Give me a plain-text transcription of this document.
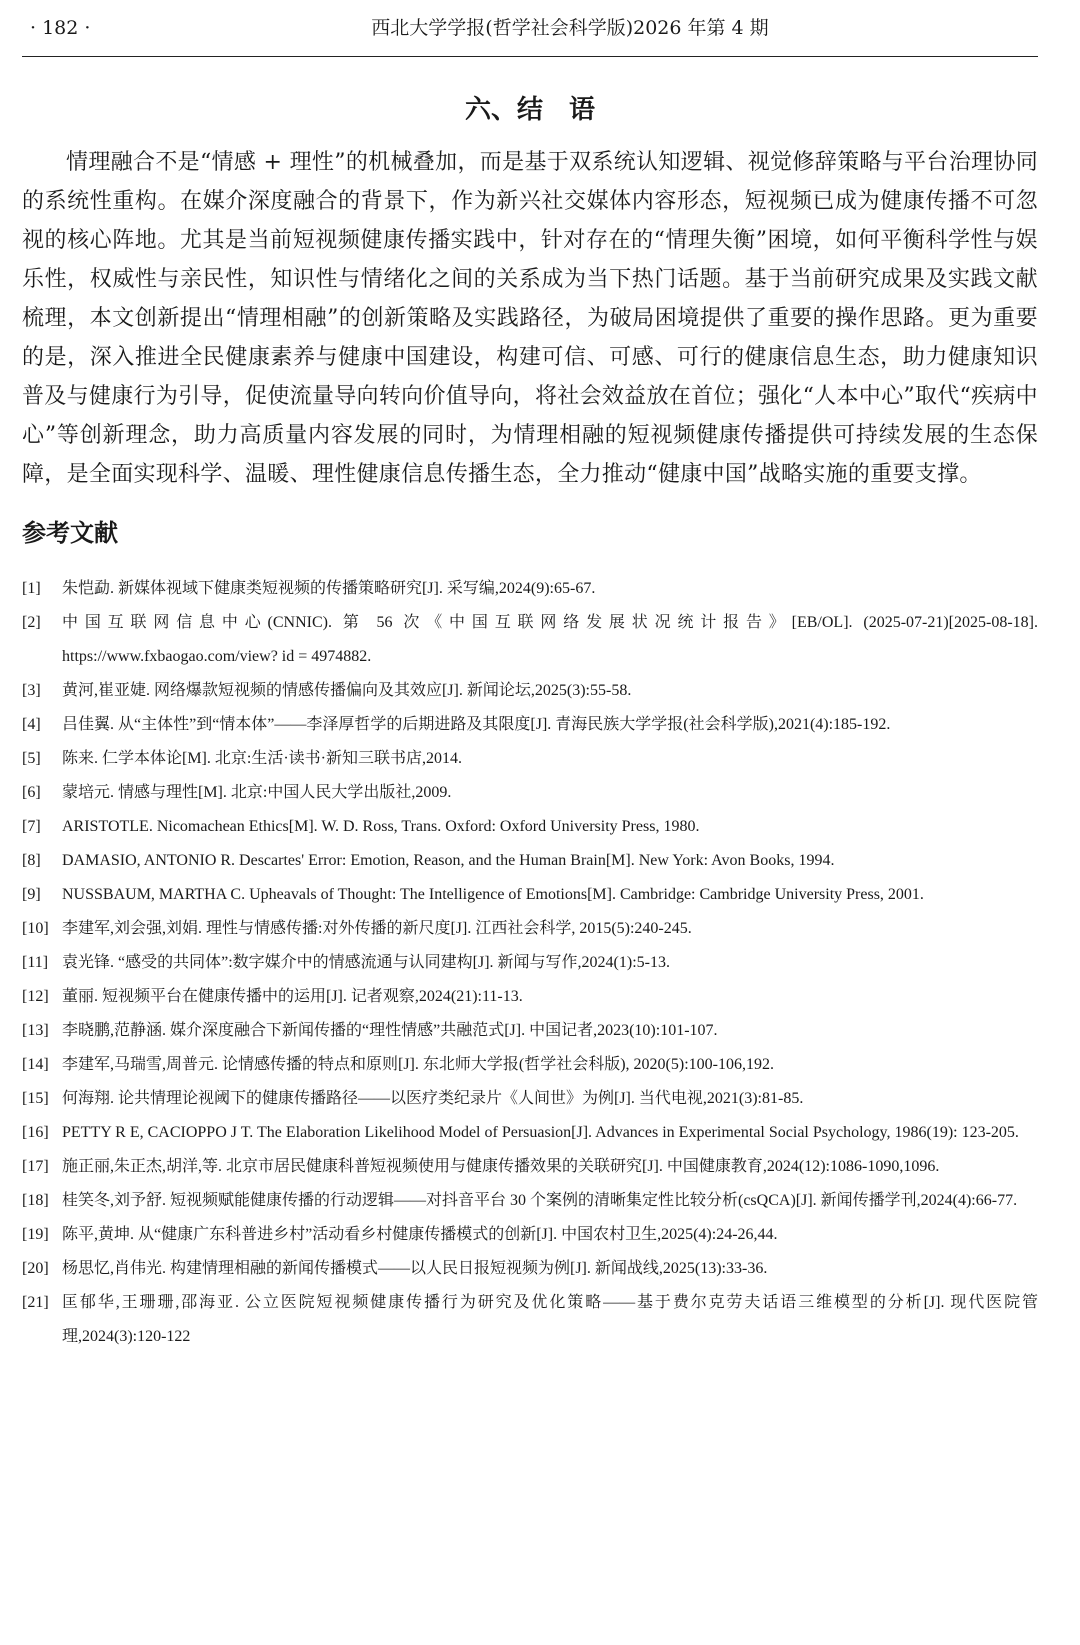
· 182 ·	西北大学学报(哲学社会科学版)2026 年第 4 期
六、结　语

情理融合不是“情感 + 理性”的机械叠加，而是基于双系统认知逻辑、视觉修辞策略与平台治理协同的系统性重构。在媒介深度融合的背景下，作为新兴社交媒体内容形态，短视频已成为健康传播不可忽视的核心阵地。尤其是当前短视频健康传播实践中，针对存在的“情理失衡”困境，如何平衡科学性与娱乐性，权威性与亲民性，知识性与情绪化之间的关系成为当下热门话题。基于当前研究成果及实践文献梳理，本文创新提出“情理相融”的创新策略及实践路径，为破局困境提供了重要的操作思路。更为重要的是，深入推进全民健康素养与健康中国建设，构建可信、可感、可行的健康信息生态，助力健康知识普及与健康行为引导，促使流量导向转向价值导向，将社会效益放在首位；强化“人本中心”取代“疾病中心”等创新理念，助力高质量内容发展的同时，为情理相融的短视频健康传播提供可持续发展的生态保障，是全面实现科学、温暖、理性健康信息传播生态，全力推动“健康中国”战略实施的重要支撑。

参考文献
[1]	朱恺勐. 新媒体视域下健康类短视频的传播策略研究[J]. 采写编,2024(9):65-67.
[2]	中国互联网信息中心(CNNIC). 第 56 次《中国互联网络发展状况统计报告》[EB/OL]. (2025-07-21)[2025-08-18]. https://www.fxbaogao.com/view? id = 4974882.
[3]	黄河,崔亚婕. 网络爆款短视频的情感传播偏向及其效应[J]. 新闻论坛,2025(3):55-58.
[4]	吕佳翼. 从“主体性”到“情本体”——李泽厚哲学的后期进路及其限度[J]. 青海民族大学学报(社会科学版),2021(4):185-192.
[5]	陈来. 仁学本体论[M]. 北京:生活·读书·新知三联书店,2014.
[6]	蒙培元. 情感与理性[M]. 北京:中国人民大学出版社,2009.
[7]	ARISTOTLE. Nicomachean Ethics[M]. W. D. Ross, Trans. Oxford: Oxford University Press, 1980.
[8]	DAMASIO, ANTONIO R. Descartes' Error: Emotion, Reason, and the Human Brain[M]. New York: Avon Books, 1994.
[9]	NUSSBAUM, MARTHA C. Upheavals of Thought: The Intelligence of Emotions[M]. Cambridge: Cambridge University Press, 2001.
[10] 李建军,刘会强,刘娟. 理性与情感传播:对外传播的新尺度[J]. 江西社会科学, 2015(5):240-245.
[11] 袁光锋. “感受的共同体”:数字媒介中的情感流通与认同建构[J]. 新闻与写作,2024(1):5-13.
[12] 董丽. 短视频平台在健康传播中的运用[J]. 记者观察,2024(21):11-13.
[13] 李晓鹏,范静涵. 媒介深度融合下新闻传播的“理性情感”共融范式[J]. 中国记者,2023(10):101-107.
[14] 李建军,马瑞雪,周普元. 论情感传播的特点和原则[J]. 东北师大学报(哲学社会科版), 2020(5):100-106,192.
[15] 何海翔. 论共情理论视阈下的健康传播路径——以医疗类纪录片《人间世》为例[J]. 当代电视,2021(3):81-85.
[16] PETTY R E, CACIOPPO J T. The Elaboration Likelihood Model of Persuasion[J]. Advances in Experimental Social Psychology, 1986(19): 123-205.
[17] 施正丽,朱正杰,胡洋,等. 北京市居民健康科普短视频使用与健康传播效果的关联研究[J]. 中国健康教育,2024(12):1086-1090,1096.
[18] 桂笑冬,刘予舒. 短视频赋能健康传播的行动逻辑——对抖音平台 30 个案例的清晰集定性比较分析(csQCA)[J]. 新闻传播学刊,2024(4):66-77.
[19] 陈平,黄坤. 从“健康广东科普进乡村”活动看乡村健康传播模式的创新[J]. 中国农村卫生,2025(4):24-26,44.
[20] 杨思忆,肖伟光. 构建情理相融的新闻传播模式——以人民日报短视频为例[J]. 新闻战线,2025(13):33-36.
[21] 匡郁华,王珊珊,邵海亚. 公立医院短视频健康传播行为研究及优化策略——基于费尔克劳夫话语三维模型的分析[J]. 现代医院管理,2024(3):120-122
